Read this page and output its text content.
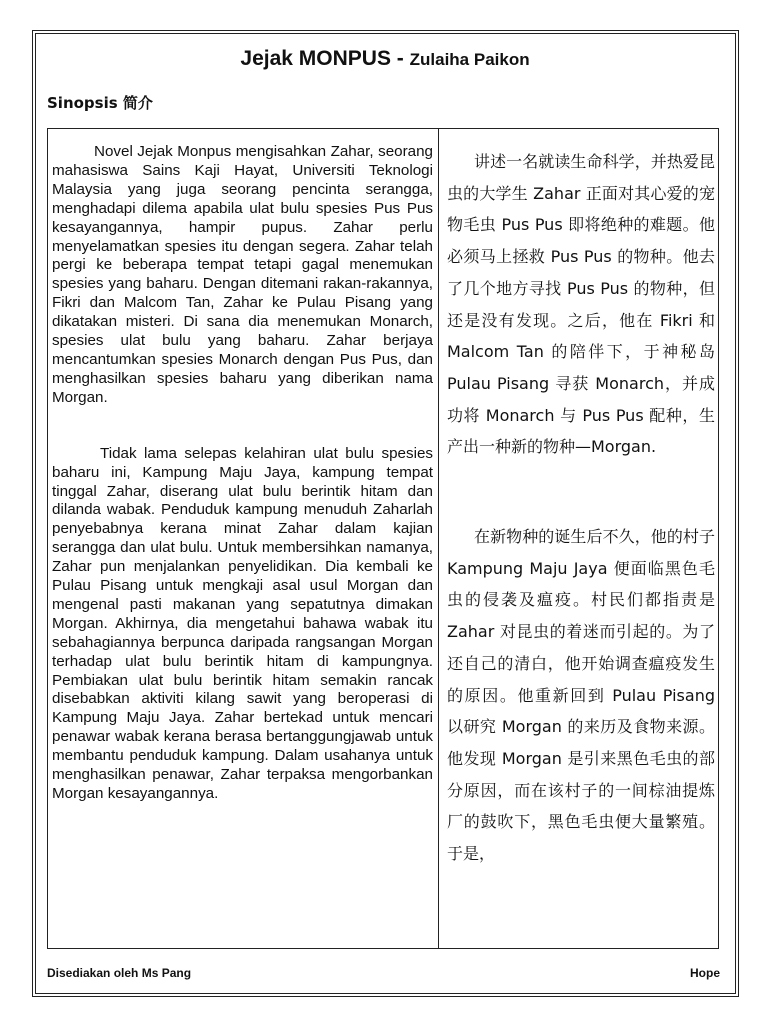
Jejak MONPUS - Zulaiha Paikon
Sinopsis 简介

Novel Jejak Monpus mengisahkan Zahar, seorang mahasiswa Sains Kaji Hayat, Universiti Teknologi Malaysia yang juga seorang pencinta serangga, menghadapi dilema apabila ulat bulu spesies Pus Pus kesayangannya, hampir pupus. Zahar perlu menyelamatkan spesies itu dengan segera. Zahar telah pergi ke beberapa tempat tetapi gagal menemukan spesies yang baharu. Dengan ditemani rakan-rakannya, Fikri dan Malcom Tan, Zahar ke Pulau Pisang yang dikatakan misteri. Di sana dia menemukan Monarch, spesies ulat bulu yang baharu. Zahar berjaya mencantumkan spesies Monarch dengan Pus Pus, dan menghasilkan spesies baharu yang diberikan nama Morgan.

Tidak lama selepas kelahiran ulat bulu spesies baharu ini, Kampung Maju Jaya, kampung tempat tinggal Zahar, diserang ulat bulu berintik hitam dan dilanda wabak. Penduduk kampung menuduh Zaharlah penyebabnya kerana minat Zahar dalam kajian serangga dan ulat bulu. Untuk membersihkan namanya, Zahar pun menjalankan penyelidikan. Dia kembali ke Pulau Pisang untuk mengkaji asal usul Morgan dan mengenal pasti makanan yang sepatutnya dimakan Morgan. Akhirnya, dia mengetahui bahawa wabak itu sebahagiannya berpunca daripada rangsangan Morgan terhadap ulat bulu berintik hitam di kampungnya. Pembiakan ulat bulu berintik hitam semakin rancak disebabkan aktiviti kilang sawit yang beroperasi di Kampung Maju Jaya. Zahar bertekad untuk mencari penawar wabak kerana berasa bertanggungjawab untuk membantu penduduk kampung. Dalam usahanya untuk menghasilkan penawar, Zahar terpaksa mengorbankan Morgan kesayangannya.

讲述一名就读生命科学，并热爱昆虫的大学生 Zahar 正面对其心爱的宠物毛虫 Pus Pus 即将绝种的难题。他必须马上拯救 Pus Pus 的物种。他去了几个地方寻找 Pus Pus 的物种，但还是没有发现。之后，他在 Fikri 和 Malcom Tan 的陪伴下，于神秘岛 Pulau Pisang 寻获 Monarch，并成功将 Monarch 与 Pus Pus 配种，生产出一种新的物种—Morgan.

在新物种的诞生后不久，他的村子 Kampung Maju Jaya 便面临黑色毛虫的侵袭及瘟疫。村民们都指责是 Zahar 对昆虫的着迷而引起的。为了还自己的清白，他开始调查瘟疫发生的原因。他重新回到 Pulau Pisang 以研究 Morgan 的来历及食物来源。他发现 Morgan 是引来黑色毛虫的部分原因，而在该村子的一间棕油提炼厂的鼓吹下，黑色毛虫便大量繁殖。于是，

Disediakan oleh Ms Pang	Hope
